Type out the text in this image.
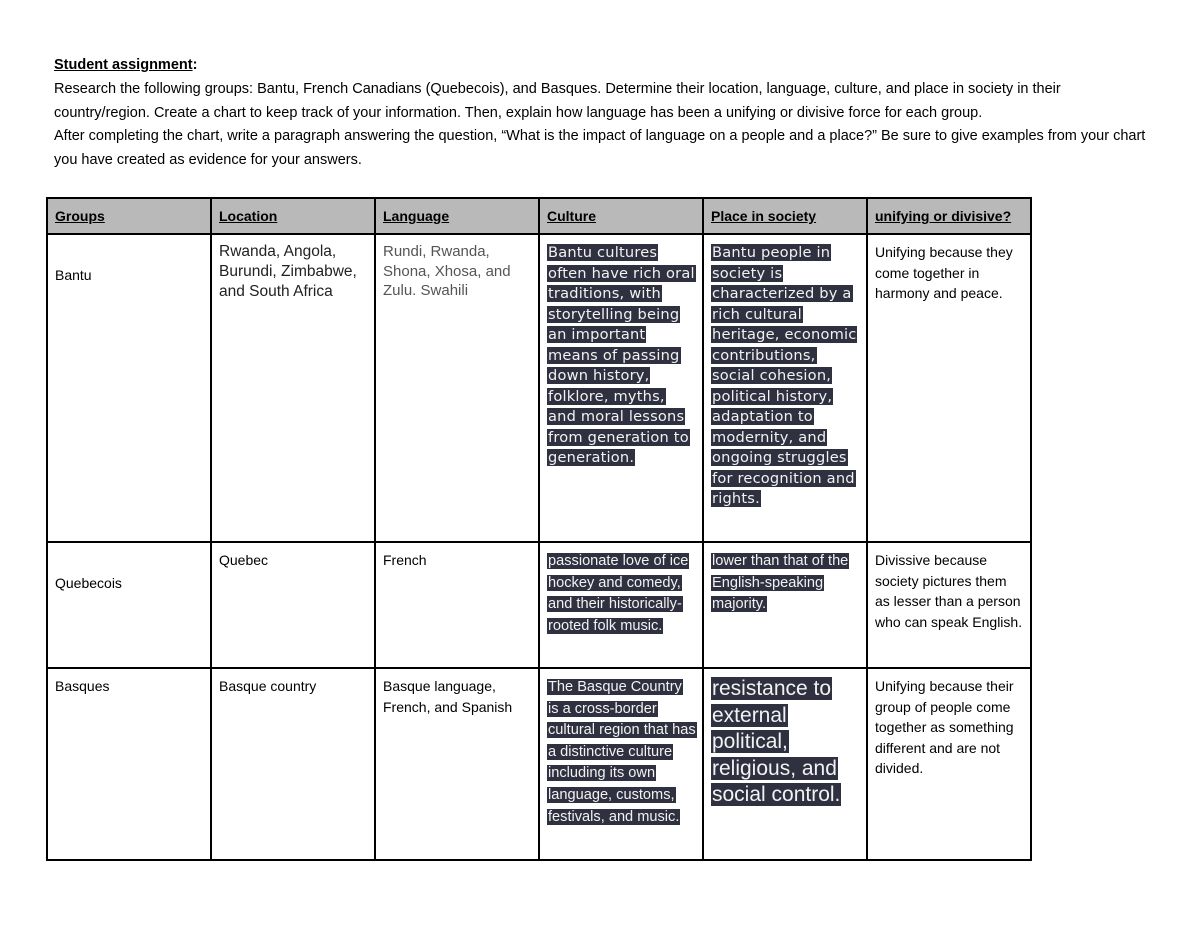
Student assignment:

Research the following groups: Bantu, French Canadians (Quebecois), and Basques. Determine their location, language, culture, and place in society in their country/region. Create a chart to keep track of your information. Then, explain how language has been a unifying or divisive force for each group.

After completing the chart, write a paragraph answering the question, “What is the impact of language on a people and a place?” Be sure to give examples from your chart you have created as evidence for your answers.

Groups	Location	Language	Culture	Place in society	unifying or divisive?
Bantu	Rwanda, Angola, Burundi, Zimbabwe, and South Africa	Rundi, Rwanda, Shona, Xhosa, and Zulu. Swahili	Bantu cultures often have rich oral traditions, with storytelling being an important means of passing down history, folklore, myths, and moral lessons from generation to generation.	Bantu people in society is characterized by a rich cultural heritage, economic contributions, social cohesion, political history, adaptation to modernity, and ongoing struggles for recognition and rights.	Unifying because they come together in harmony and peace.

Quebecois	Quebec	French	passionate love of ice hockey and comedy, and their historically-rooted folk music.	lower than that of the English-speaking majority.	Divissive because society pictures them as lesser than a person who can speak English.

Basques	Basque country	Basque language, French, and Spanish	The Basque Country is a cross-border cultural region that has a distinctive culture including its own language, customs, festivals, and music.	resistance to external political, religious, and social control.	Unifying because their group of people come together as something different and are not divided.
